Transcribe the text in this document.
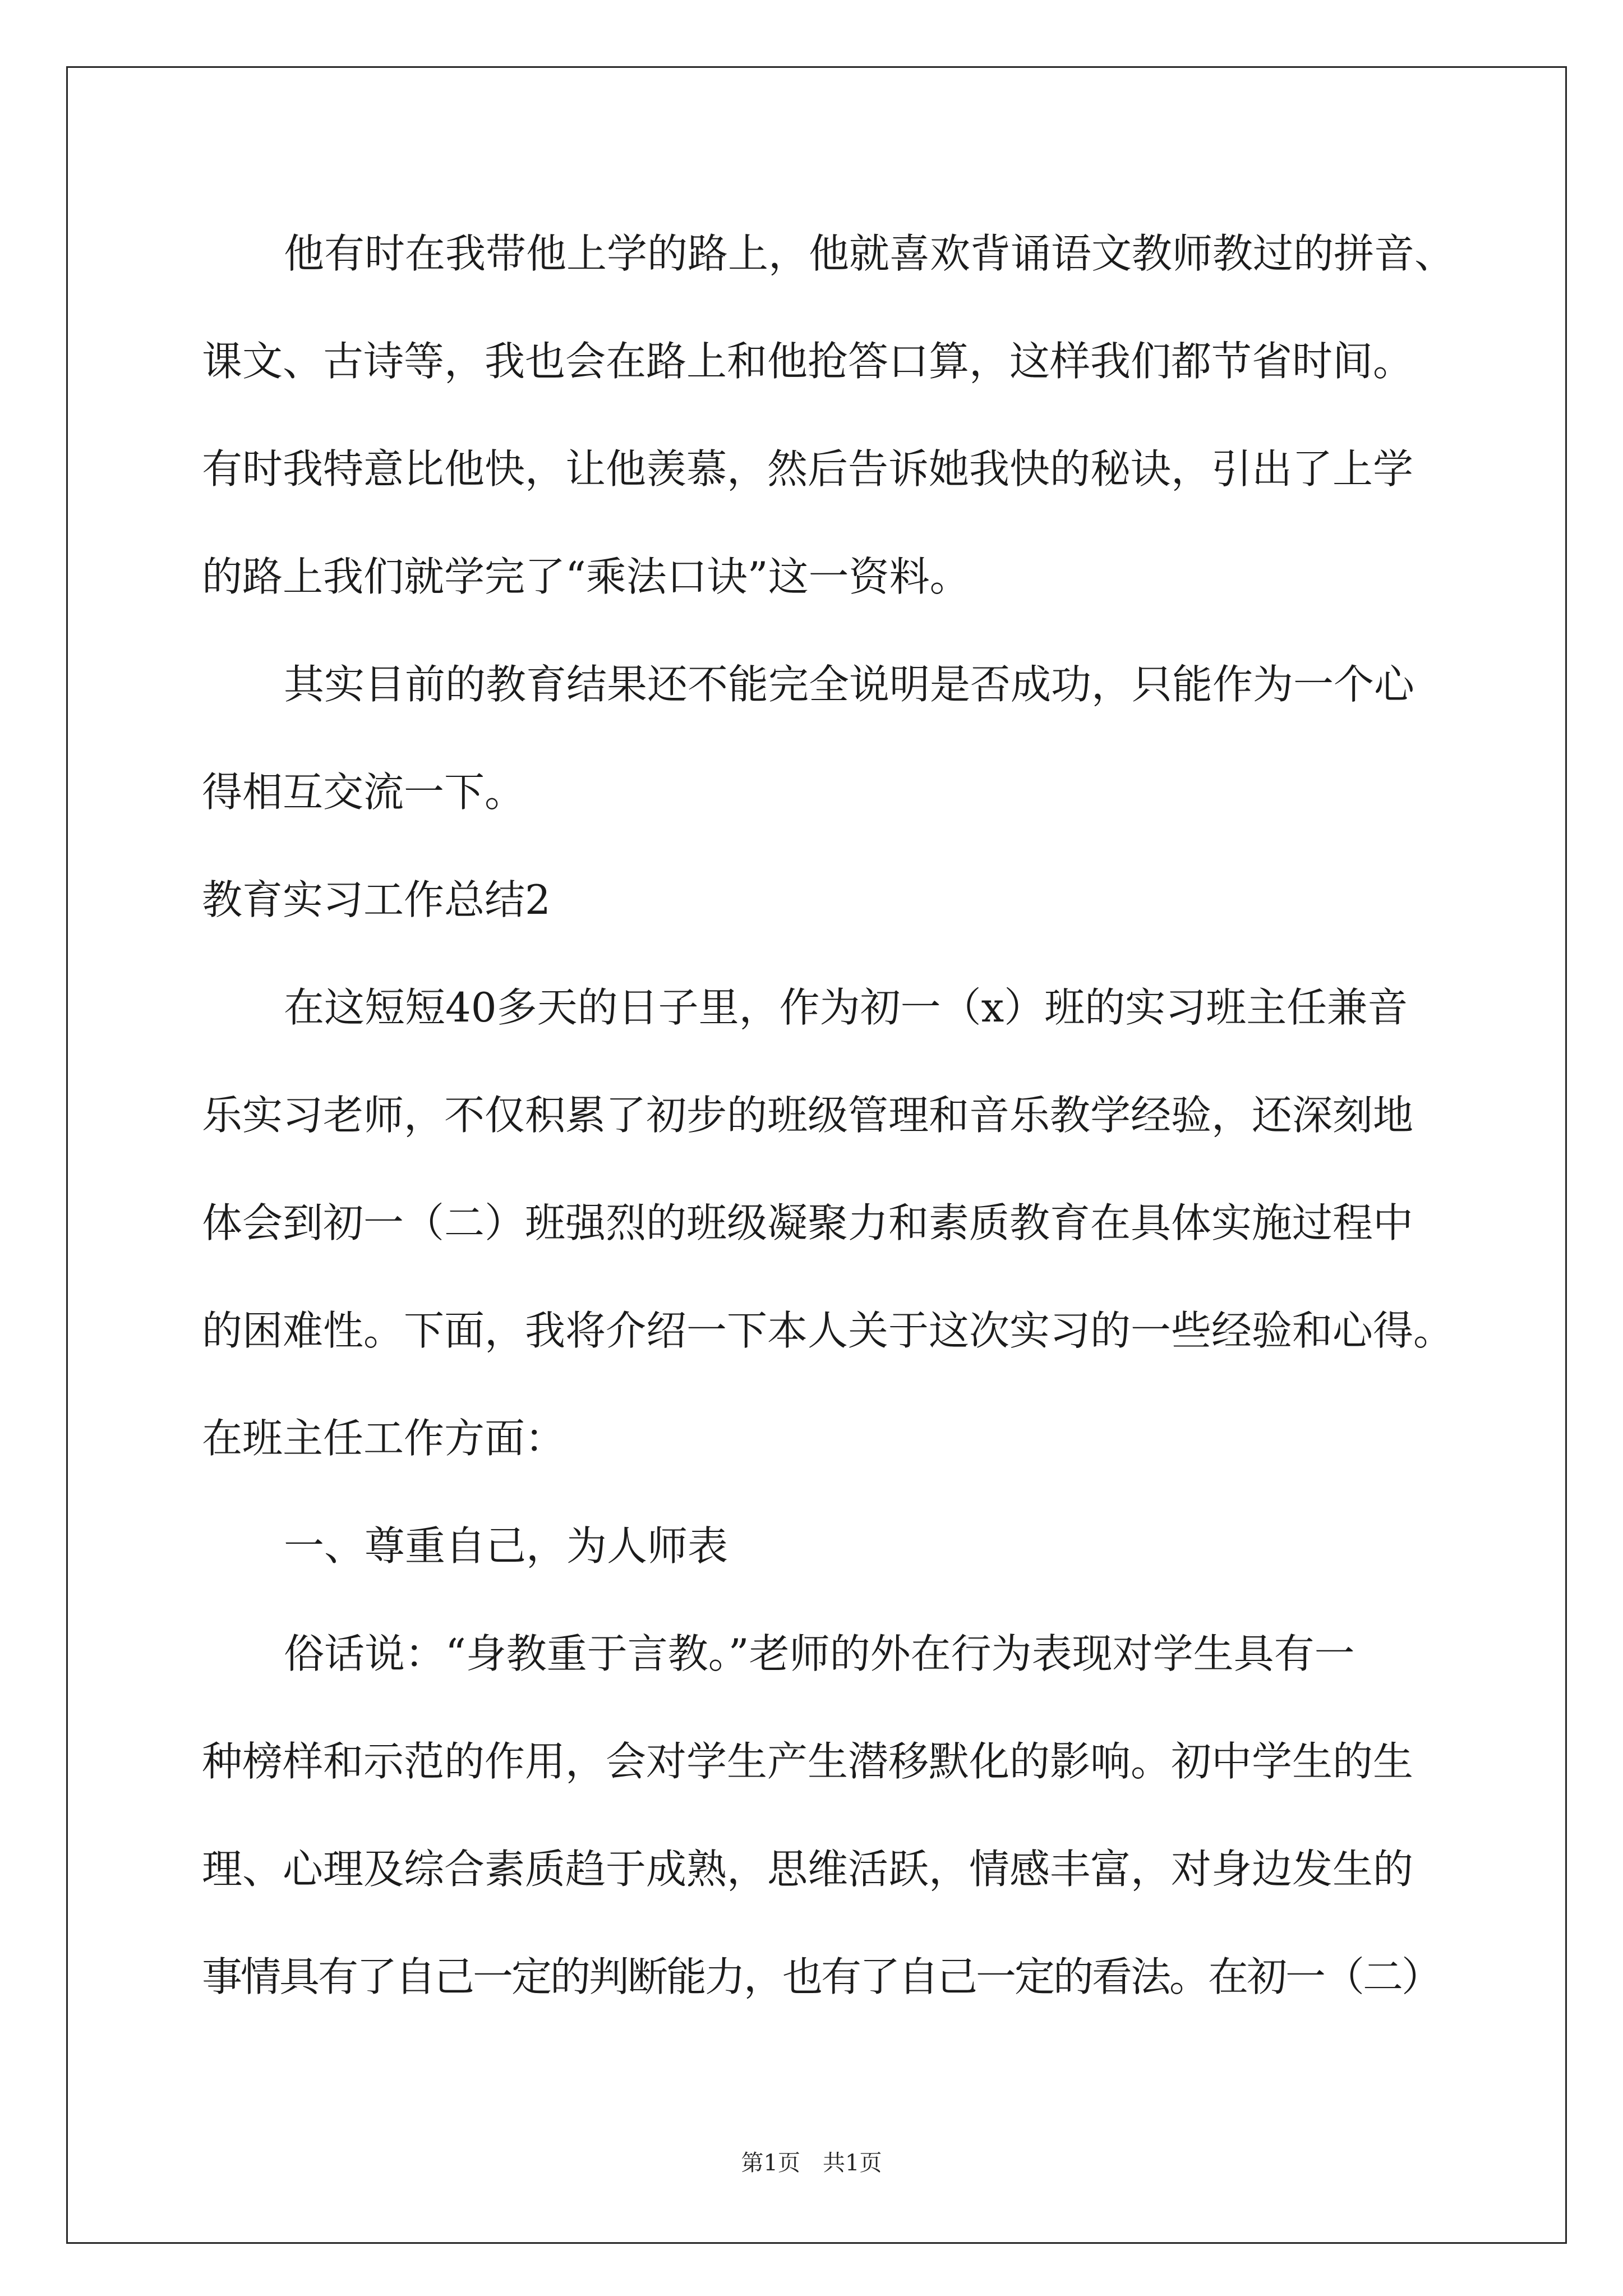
他有时在我带他上学的路上，他就喜欢背诵语文教师教过的拼音、
课文、古诗等，我也会在路上和他抢答口算，这样我们都节省时间。
有时我特意比他快，让他羡慕，然后告诉她我快的秘诀，引出了上学
的路上我们就学完了“乘法口诀”这一资料。
其实目前的教育结果还不能完全说明是否成功，只能作为一个心
得相互交流一下。
教育实习工作总结2
在这短短40多天的日子里，作为初一（x）班的实习班主任兼音
乐实习老师，不仅积累了初步的班级管理和音乐教学经验，还深刻地
体会到初一（二）班强烈的班级凝聚力和素质教育在具体实施过程中
的困难性。下面，我将介绍一下本人关于这次实习的一些经验和心得。
在班主任工作方面：
一、尊重自己，为人师表
俗话说：“身教重于言教。”老师的外在行为表现对学生具有一
种榜样和示范的作用，会对学生产生潜移默化的影响。初中学生的生
理、心理及综合素质趋于成熟，思维活跃，情感丰富，对身边发生的
事情具有了自己一定的判断能力，也有了自己一定的看法。在初一（二）
第1页　共1页
